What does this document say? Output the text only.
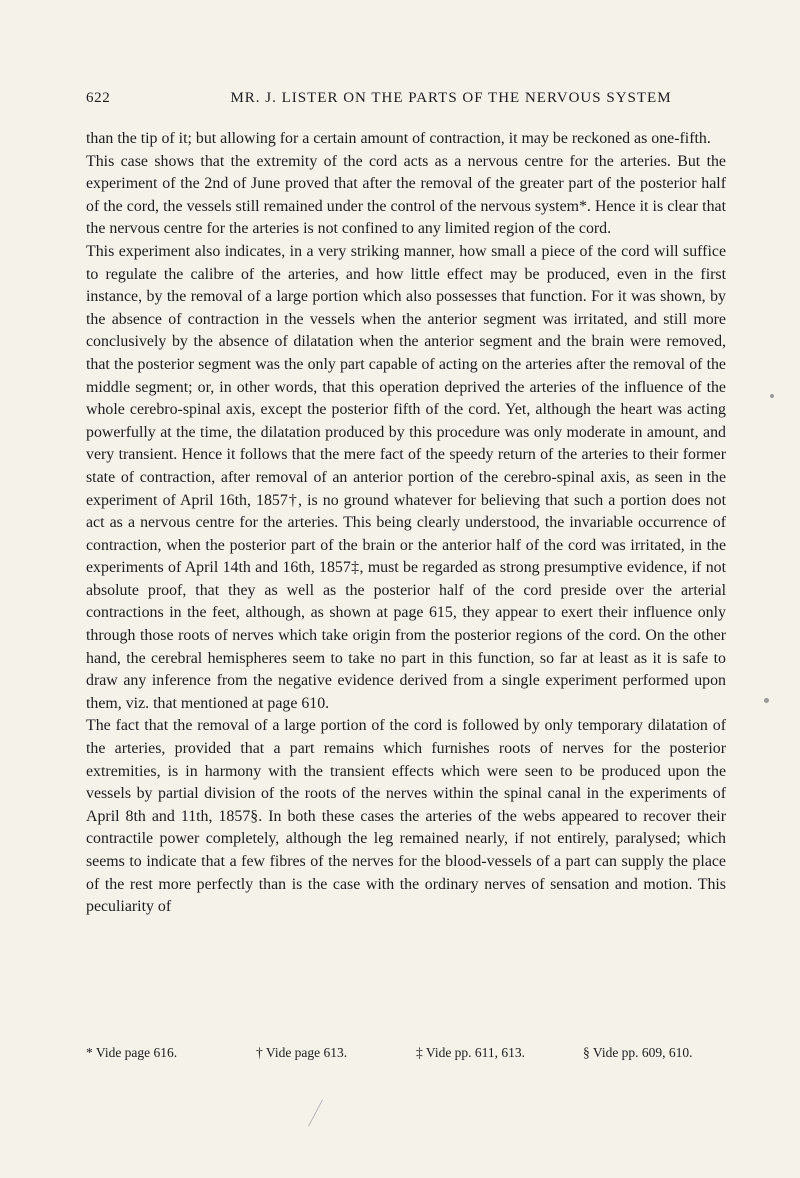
622	MR. J. LISTER ON THE PARTS OF THE NERVOUS SYSTEM

than the tip of it; but allowing for a certain amount of contraction, it may be reckoned as one-fifth.

This case shows that the extremity of the cord acts as a nervous centre for the arteries. But the experiment of the 2nd of June proved that after the removal of the greater part of the posterior half of the cord, the vessels still remained under the control of the nervous system*. Hence it is clear that the nervous centre for the arteries is not confined to any limited region of the cord.

This experiment also indicates, in a very striking manner, how small a piece of the cord will suffice to regulate the calibre of the arteries, and how little effect may be produced, even in the first instance, by the removal of a large portion which also possesses that function. For it was shown, by the absence of contraction in the vessels when the anterior segment was irritated, and still more conclusively by the absence of dilatation when the anterior segment and the brain were removed, that the posterior segment was the only part capable of acting on the arteries after the removal of the middle segment; or, in other words, that this operation deprived the arteries of the influence of the whole cerebro-spinal axis, except the posterior fifth of the cord. Yet, although the heart was acting powerfully at the time, the dilatation produced by this procedure was only moderate in amount, and very transient. Hence it follows that the mere fact of the speedy return of the arteries to their former state of contraction, after removal of an anterior portion of the cerebro-spinal axis, as seen in the experiment of April 16th, 1857†, is no ground whatever for believing that such a portion does not act as a nervous centre for the arteries. This being clearly understood, the invariable occurrence of contraction, when the posterior part of the brain or the anterior half of the cord was irritated, in the experiments of April 14th and 16th, 1857‡, must be regarded as strong presumptive evidence, if not absolute proof, that they as well as the posterior half of the cord preside over the arterial contractions in the feet, although, as shown at page 615, they appear to exert their influence only through those roots of nerves which take origin from the posterior regions of the cord. On the other hand, the cerebral hemispheres seem to take no part in this function, so far at least as it is safe to draw any inference from the negative evidence derived from a single experiment performed upon them, viz. that mentioned at page 610.

The fact that the removal of a large portion of the cord is followed by only temporary dilatation of the arteries, provided that a part remains which furnishes roots of nerves for the posterior extremities, is in harmony with the transient effects which were seen to be produced upon the vessels by partial division of the roots of the nerves within the spinal canal in the experiments of April 8th and 11th, 1857§. In both these cases the arteries of the webs appeared to recover their contractile power completely, although the leg remained nearly, if not entirely, paralysed; which seems to indicate that a few fibres of the nerves for the blood-vessels of a part can supply the place of the rest more perfectly than is the case with the ordinary nerves of sensation and motion. This peculiarity of

* Vide page 616.	† Vide page 613.	‡ Vide pp. 611, 613.	§ Vide pp. 609, 610.
